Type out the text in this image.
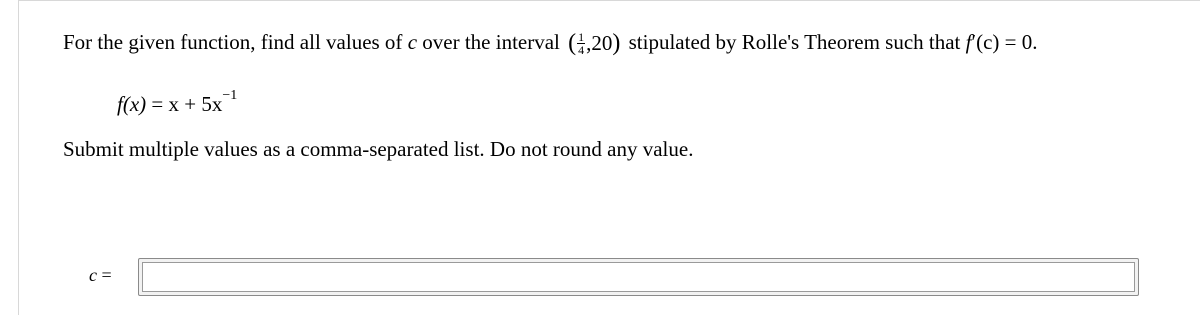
For the given function, find all values of c over the interval ( $\frac{1}{4} ,20$) stipulated by Rolle's Theorem such that f′(c) = 0.
$f(x) = x + 5x^{-1}$
Submit multiple values as a comma-separated list. Do not round any value.
c =
